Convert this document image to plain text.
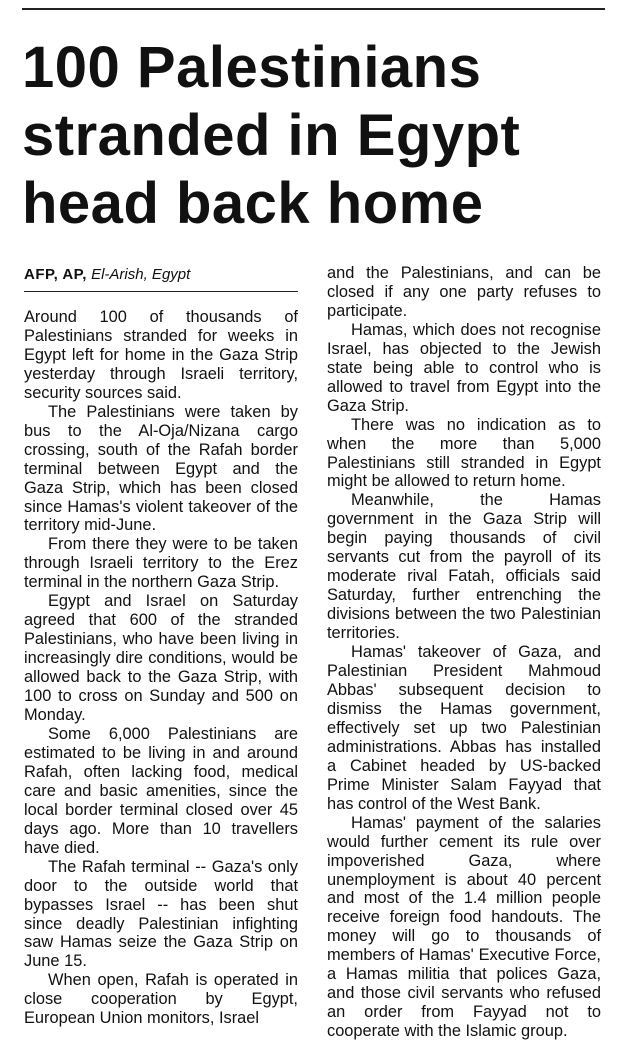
100 Palestinians
stranded in Egypt
head back home
AFP, AP, El-Arish, Egypt

Around 100 of thousands of Palestinians stranded for weeks in Egypt left for home in the Gaza Strip yesterday through Israeli territory, security sources said.

The Palestinians were taken by bus to the Al-Oja/Nizana cargo crossing, south of the Rafah border terminal between Egypt and the Gaza Strip, which has been closed since Hamas's violent takeover of the territory mid-June.

From there they were to be taken through Israeli territory to the Erez terminal in the northern Gaza Strip.

Egypt and Israel on Saturday agreed that 600 of the stranded Palestinians, who have been living in increasingly dire conditions, would be allowed back to the Gaza Strip, with 100 to cross on Sunday and 500 on Monday.

Some 6,000 Palestinians are estimated to be living in and around Rafah, often lacking food, medical care and basic amenities, since the local border terminal closed over 45 days ago. More than 10 travellers have died.

The Rafah terminal -- Gaza's only door to the outside world that bypasses Israel -- has been shut since deadly Palestinian infighting saw Hamas seize the Gaza Strip on June 15.

When open, Rafah is operated in close cooperation by Egypt, European Union monitors, Israel

and the Palestinians, and can be closed if any one party refuses to participate.

Hamas, which does not recognise Israel, has objected to the Jewish state being able to control who is allowed to travel from Egypt into the Gaza Strip.

There was no indication as to when the more than 5,000 Palestinians still stranded in Egypt might be allowed to return home.

Meanwhile, the Hamas government in the Gaza Strip will begin paying thousands of civil servants cut from the payroll of its moderate rival Fatah, officials said Saturday, further entrenching the divisions between the two Palestinian territories.

Hamas' takeover of Gaza, and Palestinian President Mahmoud Abbas' subsequent decision to dismiss the Hamas government, effectively set up two Palestinian administrations. Abbas has installed a Cabinet headed by US-backed Prime Minister Salam Fayyad that has control of the West Bank.

Hamas' payment of the salaries would further cement its rule over impoverished Gaza, where unemployment is about 40 percent and most of the 1.4 million people receive foreign food handouts. The money will go to thousands of members of Hamas' Executive Force, a Hamas militia that polices Gaza, and those civil servants who refused an order from Fayyad not to cooperate with the Islamic group.
